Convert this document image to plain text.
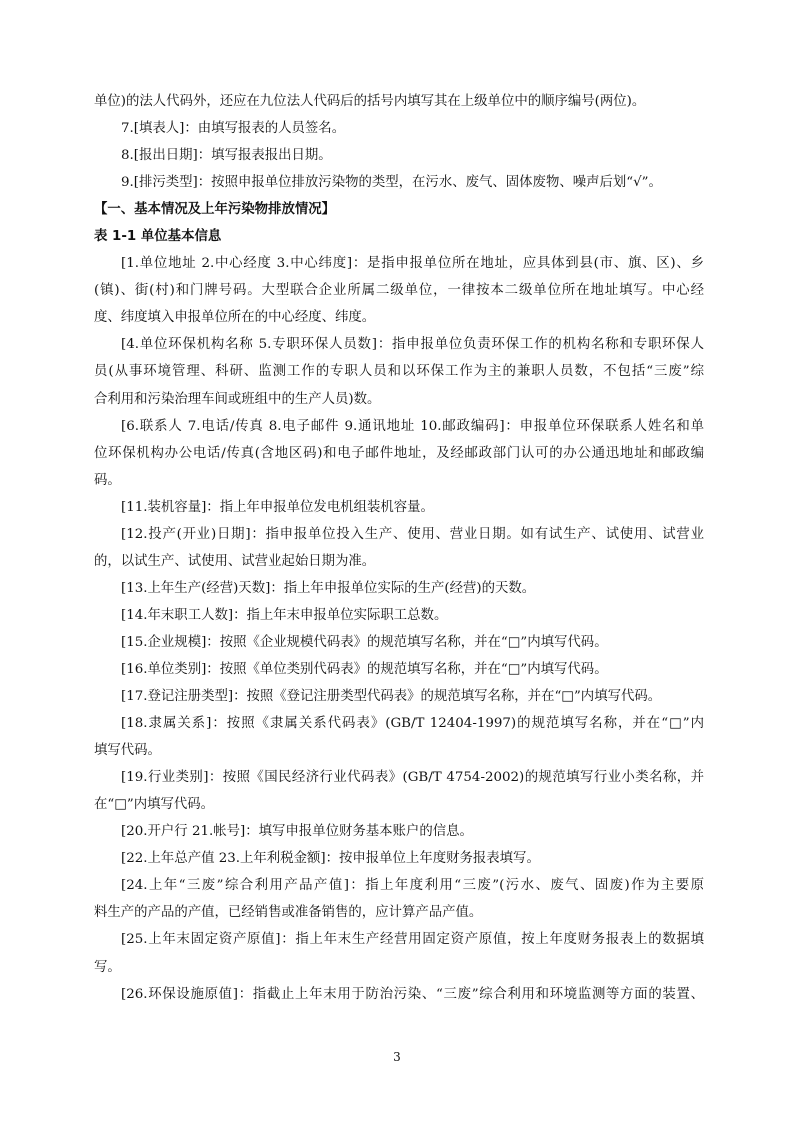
单位)的法人代码外，还应在九位法人代码后的括号内填写其在上级单位中的顺序编号(两位)。
7.[填表人]：由填写报表的人员签名。
8.[报出日期]：填写报表报出日期。
9.[排污类型]：按照申报单位排放污染物的类型，在污水、废气、固体废物、噪声后划“√”。
【一、基本情况及上年污染物排放情况】
表 1-1 单位基本信息
[1.单位地址 2.中心经度 3.中心纬度]：是指申报单位所在地址，应具体到县(市、旗、区)、乡
(镇)、街(村)和门牌号码。大型联合企业所属二级单位，一律按本二级单位所在地址填写。中心经
度、纬度填入申报单位所在的中心经度、纬度。
[4.单位环保机构名称 5.专职环保人员数]：指申报单位负责环保工作的机构名称和专职环保人
员(从事环境管理、科研、监测工作的专职人员和以环保工作为主的兼职人员数，不包括“三废”综
合利用和污染治理车间或班组中的生产人员)数。
[6.联系人 7.电话/传真 8.电子邮件 9.通讯地址 10.邮政编码]：申报单位环保联系人姓名和单
位环保机构办公电话/传真(含地区码)和电子邮件地址，及经邮政部门认可的办公通迅地址和邮政编
码。
[11.装机容量]：指上年申报单位发电机组装机容量。
[12.投产(开业)日期]：指申报单位投入生产、使用、营业日期。如有试生产、试使用、试营业
的，以试生产、试使用、试营业起始日期为准。
[13.上年生产(经营)天数]：指上年申报单位实际的生产(经营)的天数。
[14.年末职工人数]：指上年末申报单位实际职工总数。
[15.企业规模]：按照《企业规模代码表》的规范填写名称，并在“□”内填写代码。
[16.单位类别]：按照《单位类别代码表》的规范填写名称，并在“□”内填写代码。
[17.登记注册类型]：按照《登记注册类型代码表》的规范填写名称，并在“□”内填写代码。
[18.隶属关系]：按照《隶属关系代码表》(GB/T 12404-1997)的规范填写名称，并在“□”内
填写代码。
[19.行业类别]：按照《国民经济行业代码表》(GB/T 4754-2002)的规范填写行业小类名称，并
在“□”内填写代码。
[20.开户行 21.帐号]：填写申报单位财务基本账户的信息。
[22.上年总产值 23.上年利税金额]：按申报单位上年度财务报表填写。
[24.上年“三废”综合利用产品产值]：指上年度利用“三废”(污水、废气、固废)作为主要原
料生产的产品的产值，已经销售或准备销售的，应计算产品产值。
[25.上年末固定资产原值]：指上年末生产经营用固定资产原值，按上年度财务报表上的数据填
写。
[26.环保设施原值]：指截止上年末用于防治污染、“三废”综合利用和环境监测等方面的装置、
3
